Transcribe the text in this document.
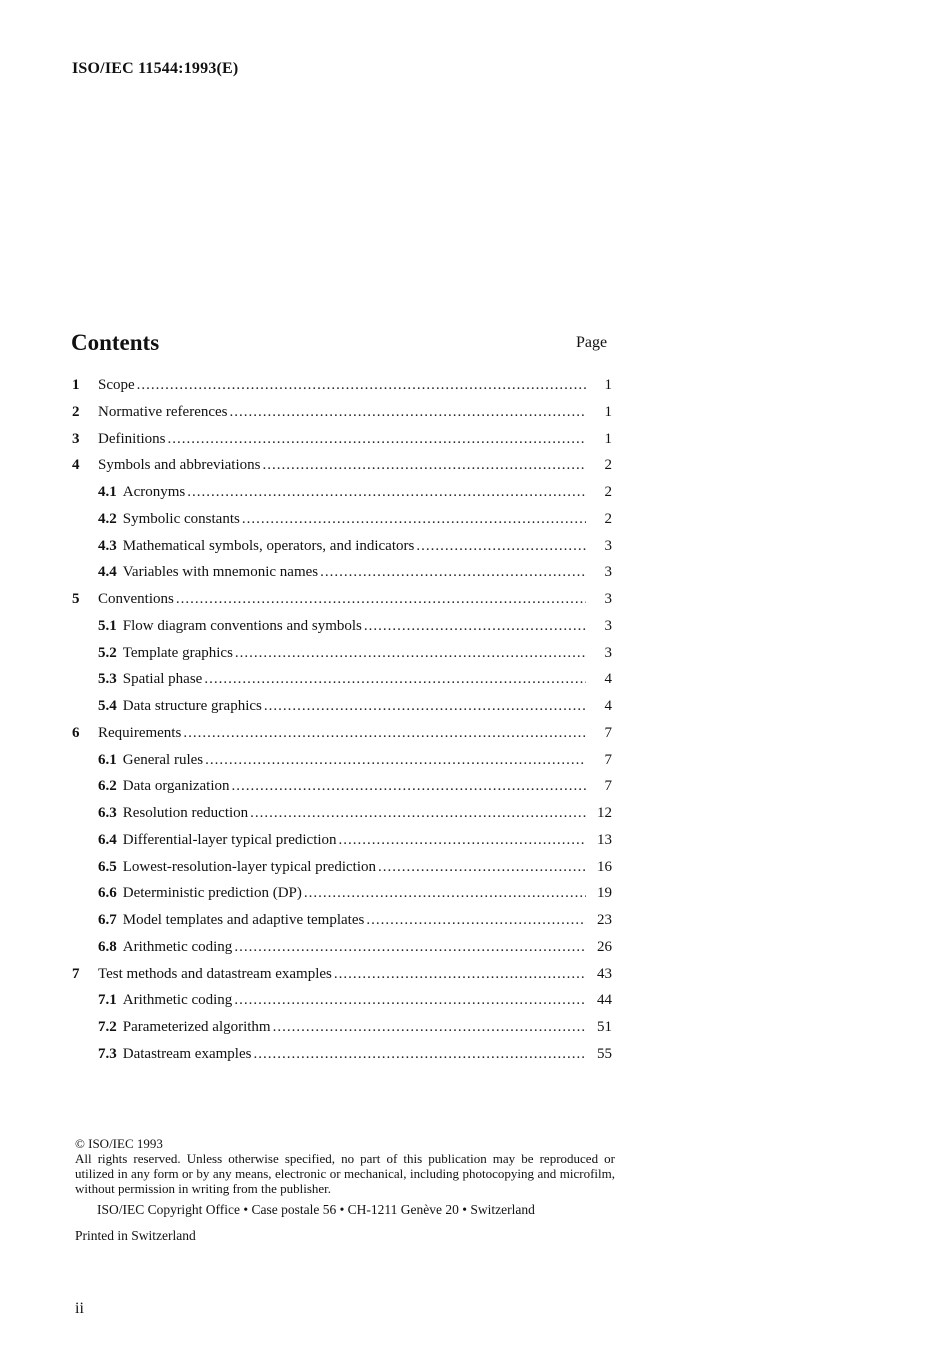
ISO/IEC 11544:1993(E)
Contents	Page
1	Scope .....	1
2	Normative references .....	1
3	Definitions .....	1
4	Symbols and abbreviations .....	2
4.1 Acronyms .....	2
4.2 Symbolic constants .....	2
4.3 Mathematical symbols, operators, and indicators .....	3
4.4 Variables with mnemonic names .....	3
5	Conventions .....	3
5.1 Flow diagram conventions and symbols .....	3
5.2 Template graphics .....	3
5.3 Spatial phase .....	4
5.4 Data structure graphics .....	4
6	Requirements .....	7
6.1 General rules .....	7
6.2 Data organization .....	7
6.3 Resolution reduction .....	12
6.4 Differential-layer typical prediction .....	13
6.5 Lowest-resolution-layer typical prediction .....	16
6.6 Deterministic prediction (DP) .....	19
6.7 Model templates and adaptive templates .....	23
6.8 Arithmetic coding .....	26
7	Test methods and datastream examples .....	43
7.1 Arithmetic coding .....	44
7.2 Parameterized algorithm .....	51
7.3 Datastream examples .....	55
© ISO/IEC 1993
All rights reserved. Unless otherwise specified, no part of this publication may be reproduced or utilized in any form or by any means, electronic or mechanical, including photocopying and microfilm, without permission in writing from the publisher.
ISO/IEC Copyright Office • Case postale 56 • CH-1211 Genève 20 • Switzerland
Printed in Switzerland
ii
